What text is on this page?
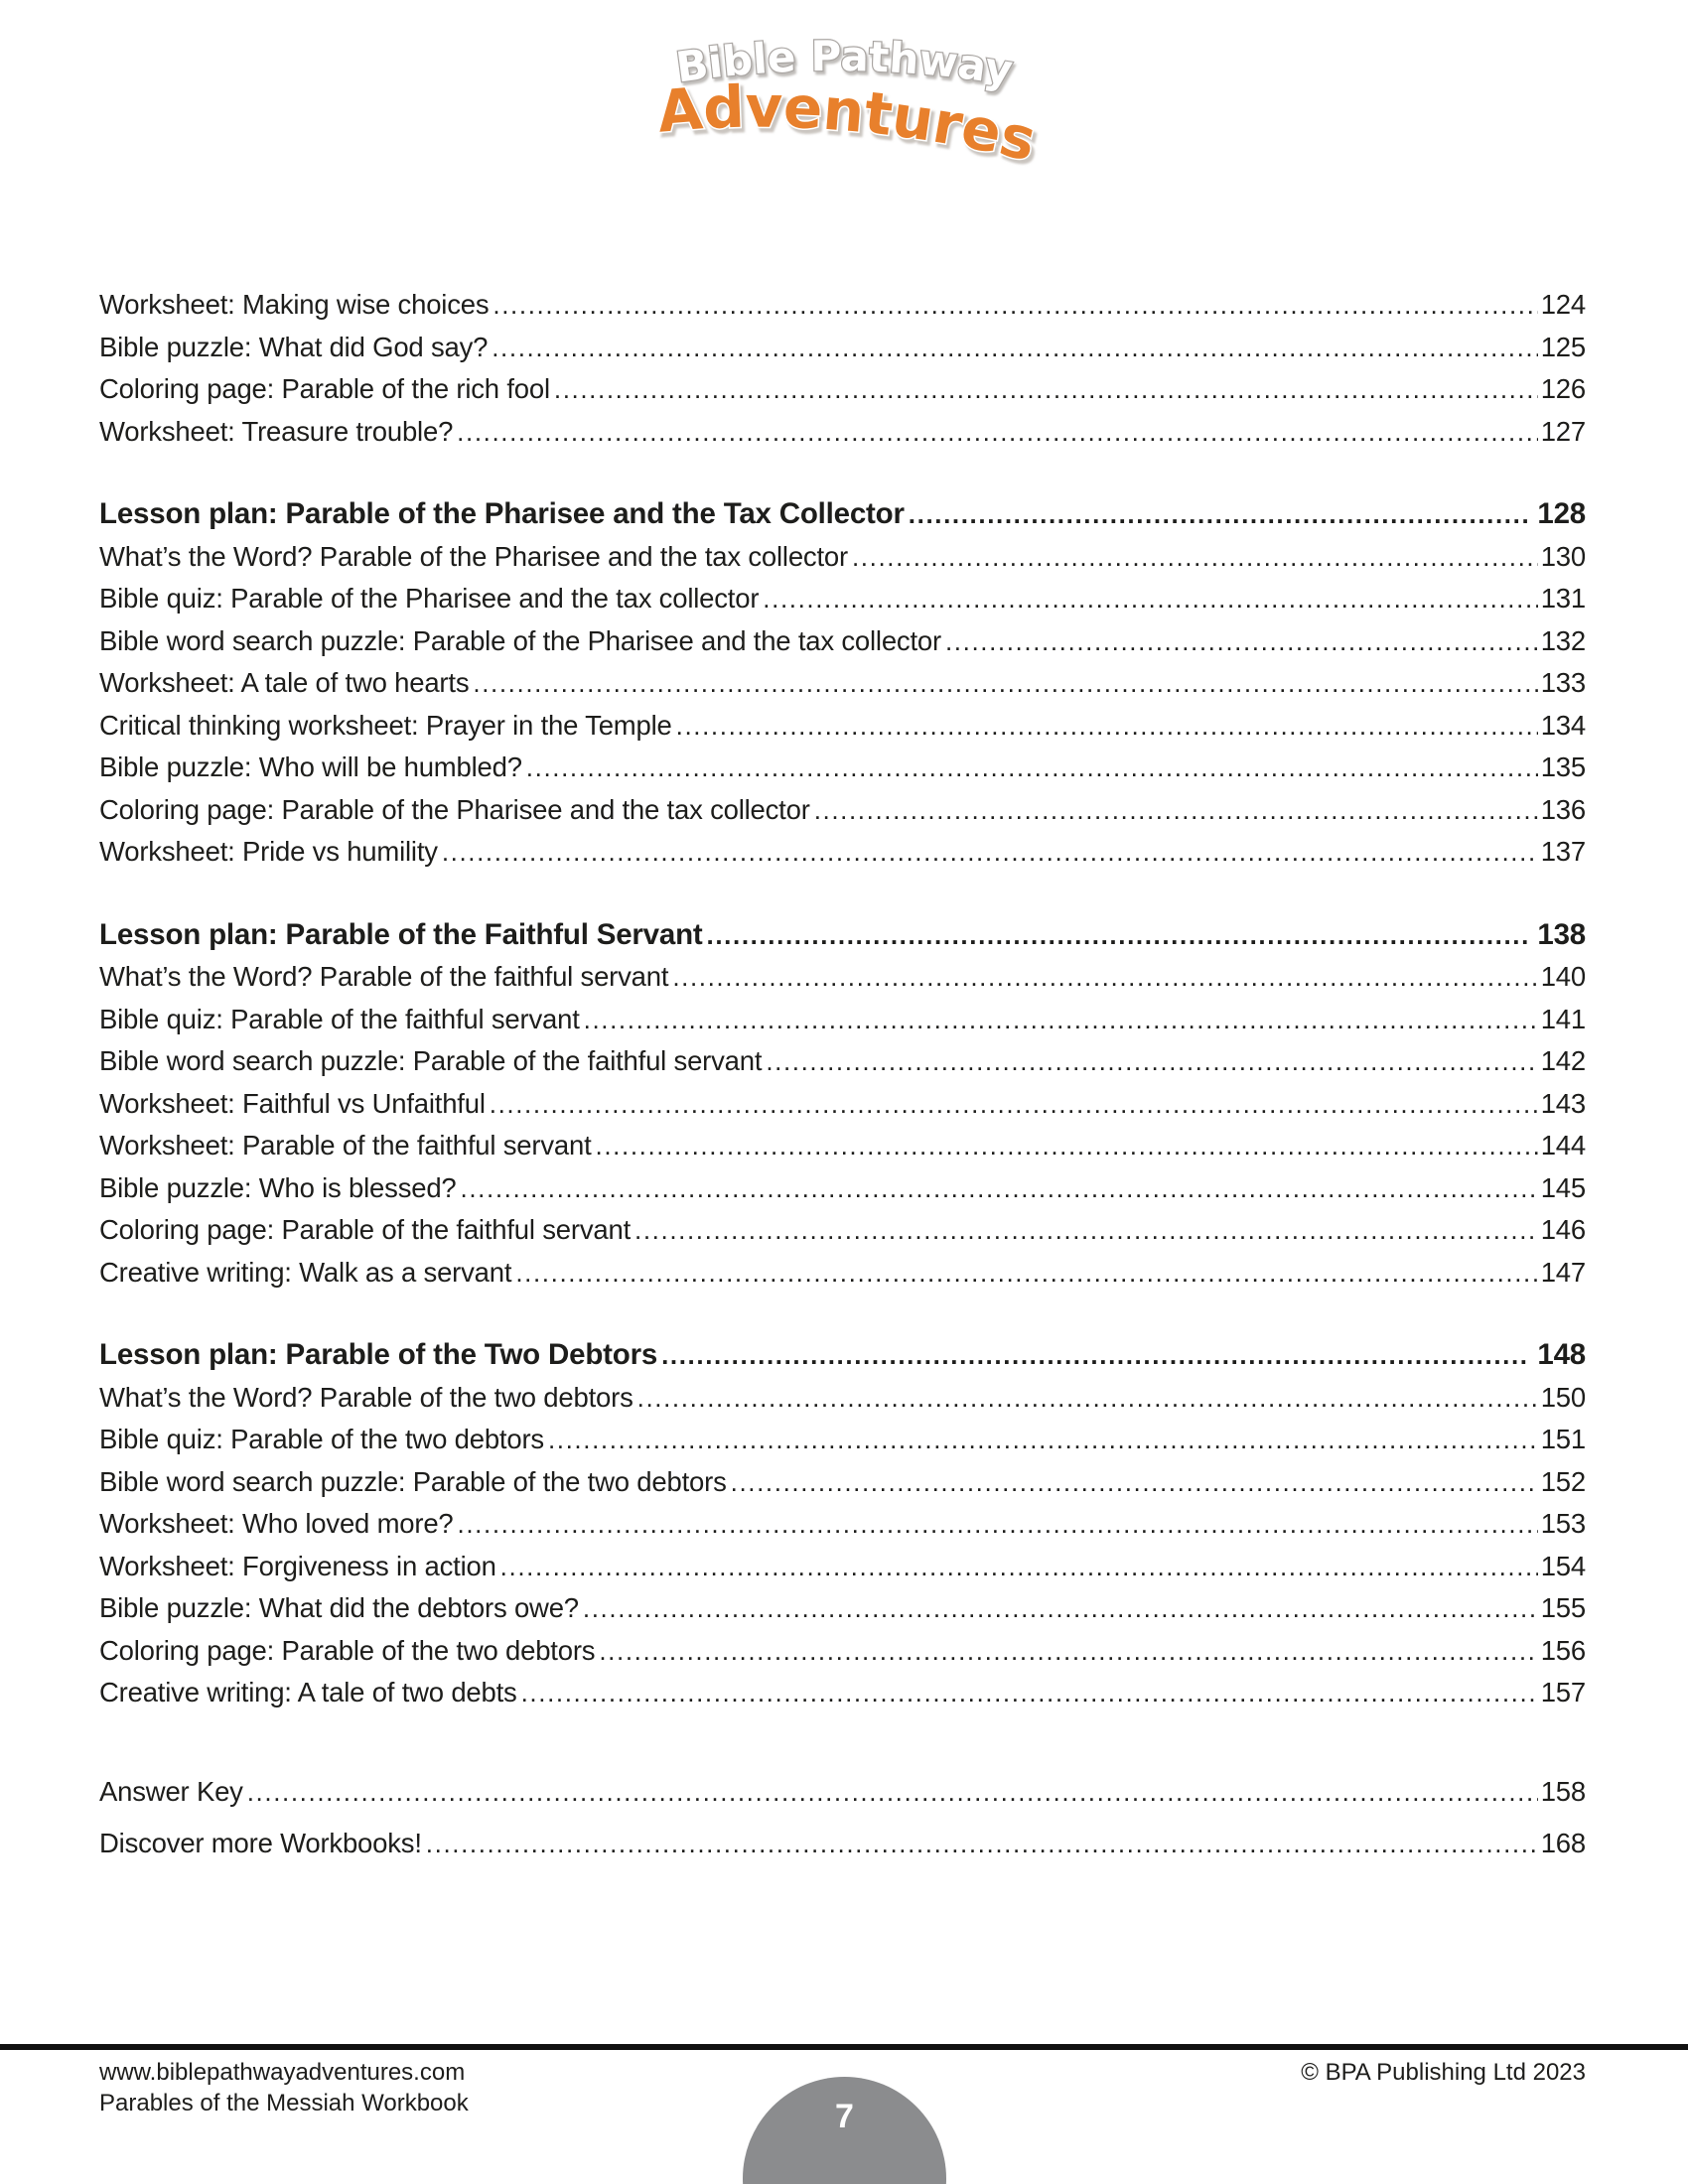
Bible Pathway
Adventures
Worksheet: Making wise choices .....	124
Bible puzzle: What did God say? .....	125
Coloring page: Parable of the rich fool .....	126
Worksheet: Treasure trouble? .....	127
Lesson plan: Parable of the Pharisee and the Tax Collector .....	128
What’s the Word? Parable of the Pharisee and the tax collector .....	130
Bible quiz: Parable of the Pharisee and the tax collector .....	131
Bible word search puzzle: Parable of the Pharisee and the tax collector .....	132
Worksheet: A tale of two hearts .....	133
Critical thinking worksheet: Prayer in the Temple .....	134
Bible puzzle: Who will be humbled? .....	135
Coloring page: Parable of the Pharisee and the tax collector .....	136
Worksheet: Pride vs humility .....	137
Lesson plan: Parable of the Faithful Servant .....	138
What’s the Word? Parable of the faithful servant .....	140
Bible quiz: Parable of the faithful servant .....	141
Bible word search puzzle: Parable of the faithful servant .....	142
Worksheet: Faithful vs Unfaithful .....	143
Worksheet: Parable of the faithful servant .....	144
Bible puzzle: Who is blessed? .....	145
Coloring page: Parable of the faithful servant .....	146
Creative writing: Walk as a servant .....	147
Lesson plan: Parable of the Two Debtors .....	148
What’s the Word? Parable of the two debtors .....	150
Bible quiz: Parable of the two debtors .....	151
Bible word search puzzle: Parable of the two debtors .....	152
Worksheet: Who loved more? .....	153
Worksheet: Forgiveness in action .....	154
Bible puzzle: What did the debtors owe? .....	155
Coloring page: Parable of the two debtors .....	156
Creative writing: A tale of two debts .....	157
Answer Key .....	158
Discover more Workbooks! .....	168
www.biblepathwayadventures.com
Parables of the Messiah Workbook
© BPA Publishing Ltd 2023
7
